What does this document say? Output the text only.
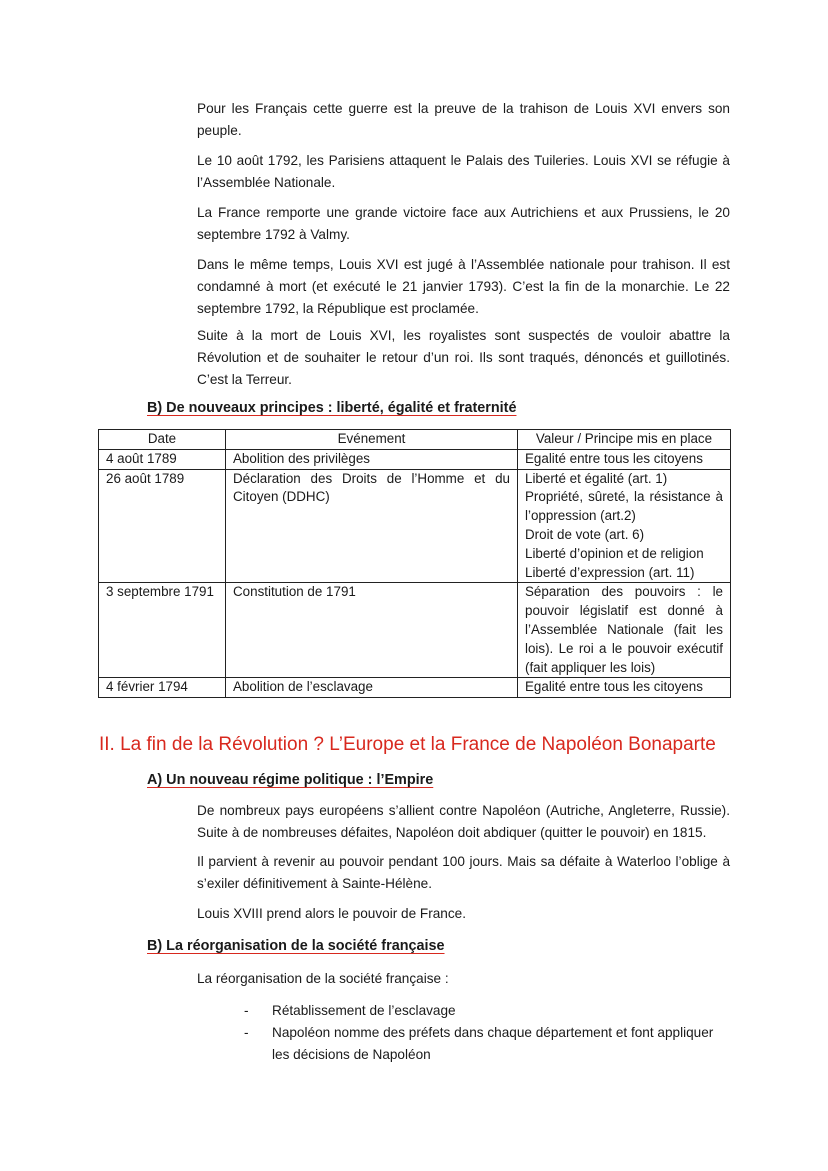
Pour les Français cette guerre est la preuve de la trahison de Louis XVI envers son peuple.

Le 10 août 1792, les Parisiens attaquent le Palais des Tuileries. Louis XVI se réfugie à l’Assemblée Nationale.

La France remporte une grande victoire face aux Autrichiens et aux Prussiens, le 20 septembre 1792 à Valmy.

Dans le même temps, Louis XVI est jugé à l’Assemblée nationale pour trahison. Il est condamné à mort (et exécuté le 21 janvier 1793). C’est la fin de la monarchie. Le 22 septembre 1792, la République est proclamée.

Suite à la mort de Louis XVI, les royalistes sont suspectés de vouloir abattre la Révolution et de souhaiter le retour d’un roi. Ils sont traqués, dénoncés et guillotinés. C’est la Terreur.

B) De nouveaux principes : liberté, égalité et fraternité
Date	Evénement	Valeur / Principe mis en place
4 août 1789	Abolition des privilèges	Egalité entre tous les citoyens

26 août 1789	Déclaration des Droits de l’Homme et du Citoyen (DDHC)	Liberté et égalité (art. 1)
Propriété, sûreté, la résistance à l’oppression (art.2)
Droit de vote (art. 6)
Liberté d’opinion et de religion
Liberté d’expression (art. 11)

3 septembre 1791	Constitution de 1791	Séparation des pouvoirs : le pouvoir législatif est donné à l’Assemblée Nationale (fait les lois). Le roi a le pouvoir exécutif (fait appliquer les lois)

4 février 1794	Abolition de l’esclavage	Egalité entre tous les citoyens
II. La fin de la Révolution ? L’Europe et la France de Napoléon Bonaparte
A) Un nouveau régime politique : l’Empire

De nombreux pays européens s’allient contre Napoléon (Autriche, Angleterre, Russie). Suite à de nombreuses défaites, Napoléon doit abdiquer (quitter le pouvoir) en 1815.

Il parvient à revenir au pouvoir pendant 100 jours. Mais sa défaite à Waterloo l’oblige à s’exiler définitivement à Sainte-Hélène.

Louis XVIII prend alors le pouvoir de France.

B) La réorganisation de la société française

La réorganisation de la société française :

- Rétablissement de l’esclavage
- Napoléon nomme des préfets dans chaque département et font appliquer les décisions de Napoléon
